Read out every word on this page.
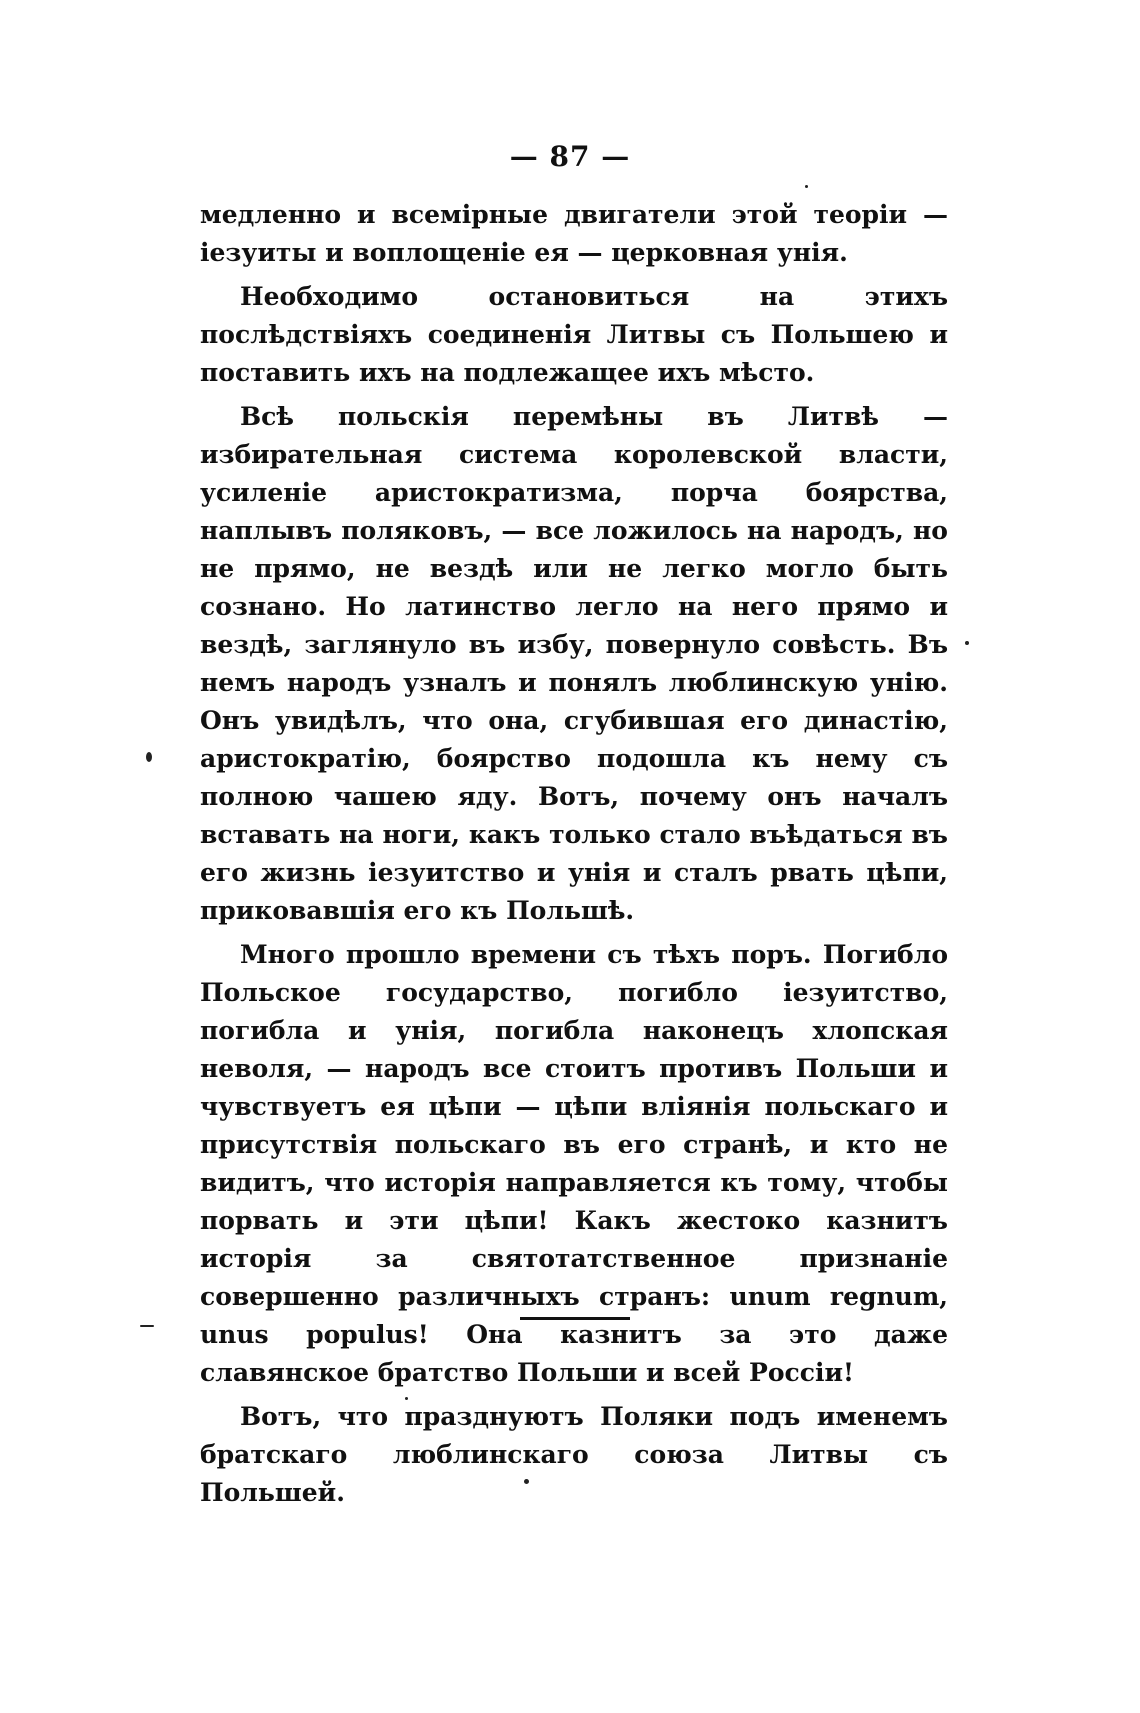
— 87 —

медленно и всемірные двигатели этой теоріи — іезуиты и воплощеніе ея — церковная унія.

Необходимо остановиться на этихъ послѣдствіяхъ соединенія Литвы съ Польшею и поставить ихъ на подлежащее ихъ мѣсто.

Всѣ польскія перемѣны въ Литвѣ — избирательная система королевской власти, усиленіе аристократизма, порча боярства, наплывъ поляковъ, — все ложилось на народъ, но не прямо, не вездѣ или не легко могло быть сознано. Но латинство легло на него прямо и вездѣ, заглянуло въ избу, повернуло совѣсть. Въ немъ народъ узналъ и понялъ люблинскую унію. Онъ увидѣлъ, что она, сгубившая его династію, аристократію, боярство подошла къ нему съ полною чашею яду. Вотъ, почему онъ началъ вставать на ноги, какъ только стало въѣдаться въ его жизнь іезуитство и унія и сталъ рвать цѣпи, приковавшія его къ Польшѣ.

Много прошло времени съ тѣхъ поръ. Погибло Польское государство, погибло іезуитство, погибла и унія, погибла наконецъ хлопская неволя, — народъ все стоитъ противъ Польши и чувствуетъ ея цѣпи — цѣпи вліянія польскаго и присутствія польскаго въ его странѣ, и кто не видитъ, что исторія направляется къ тому, чтобы порвать и эти цѣпи! Какъ жестоко казнитъ исторія за святотатственное признаніе совершенно различныхъ странъ: unum regnum, unus populus! Она казнитъ за это даже славянское братство Польши и всей Россіи!

Вотъ, что празднуютъ Поляки подъ именемъ братскаго люблинскаго союза Литвы съ Польшей.
